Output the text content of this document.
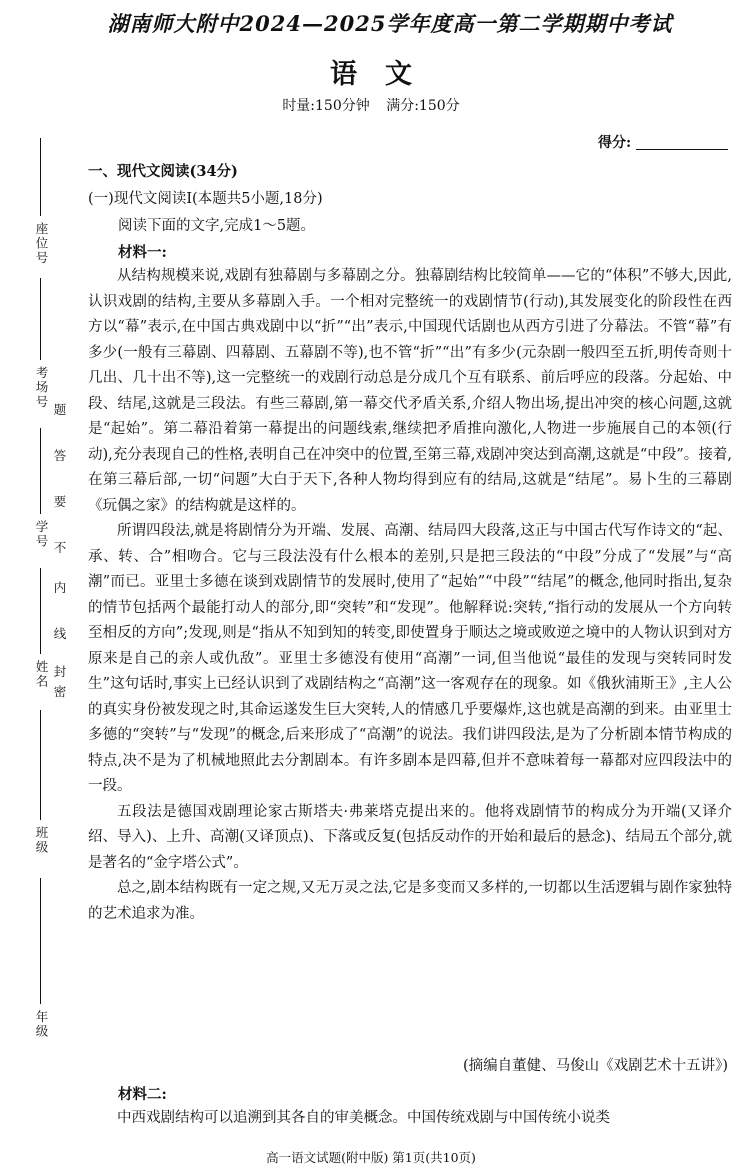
座位号
考场号
学号
姓名
班级
年级
题
答
要
不
内
线
封
密
湖南师大附中2024—2025学年度高一第二学期期中考试
语文
时量:150分钟 满分:150分
得分:
一、现代文阅读(34分)
(一)现代文阅读Ⅰ(本题共5小题,18分)
阅读下面的文字,完成1～5题。
材料一:

从结构规模来说,戏剧有独幕剧与多幕剧之分。独幕剧结构比较简单——它的“体积”不够大,因此,认识戏剧的结构,主要从多幕剧入手。一个相对完整统一的戏剧情节(行动),其发展变化的阶段性在西方以“幕”表示,在中国古典戏剧中以“折”“出”表示,中国现代话剧也从西方引进了分幕法。不管“幕”有多少(一般有三幕剧、四幕剧、五幕剧不等),也不管“折”“出”有多少(元杂剧一般四至五折,明传奇则十几出、几十出不等),这一完整统一的戏剧行动总是分成几个互有联系、前后呼应的段落。分起始、中段、结尾,这就是三段法。有些三幕剧,第一幕交代矛盾关系,介绍人物出场,提出冲突的核心问题,这就是“起始”。第二幕沿着第一幕提出的问题线索,继续把矛盾推向激化,人物进一步施展自己的本领(行动),充分表现自己的性格,表明自己在冲突中的位置,至第三幕,戏剧冲突达到高潮,这就是“中段”。接着,在第三幕后部,一切“问题”大白于天下,各种人物均得到应有的结局,这就是“结尾”。易卜生的三幕剧《玩偶之家》的结构就是这样的。

所谓四段法,就是将剧情分为开端、发展、高潮、结局四大段落,这正与中国古代写作诗文的“起、承、转、合”相吻合。它与三段法没有什么根本的差别,只是把三段法的“中段”分成了“发展”与“高潮”而已。亚里士多德在谈到戏剧情节的发展时,使用了“起始”“中段”“结尾”的概念,他同时指出,复杂的情节包括两个最能打动人的部分,即“突转”和“发现”。他解释说:突转,“指行动的发展从一个方向转至相反的方向”;发现,则是“指从不知到知的转变,即使置身于顺达之境或败逆之境中的人物认识到对方原来是自己的亲人或仇敌”。亚里士多德没有使用“高潮”一词,但当他说“最佳的发现与突转同时发生”这句话时,事实上已经认识到了戏剧结构之“高潮”这一客观存在的现象。如《俄狄浦斯王》,主人公的真实身份被发现之时,其命运遂发生巨大突转,人的情感几乎要爆炸,这也就是高潮的到来。由亚里士多德的“突转”与“发现”的概念,后来形成了“高潮”的说法。我们讲四段法,是为了分析剧本情节构成的特点,决不是为了机械地照此去分割剧本。有许多剧本是四幕,但并不意味着每一幕都对应四段法中的一段。

五段法是德国戏剧理论家古斯塔夫·弗莱塔克提出来的。他将戏剧情节的构成分为开端(又译介绍、导入)、上升、高潮(又译顶点)、下落或反复(包括反动作的开始和最后的悬念)、结局五个部分,就是著名的“金字塔公式”。

总之,剧本结构既有一定之规,又无万灵之法,它是多变而又多样的,一切都以生活逻辑与剧作家独特的艺术追求为准。

(摘编自董健、马俊山《戏剧艺术十五讲》)
材料二:

中西戏剧结构可以追溯到其各自的审美概念。中国传统戏剧与中国传统小说类

高一语文试题(附中版) 第1页(共10页)
